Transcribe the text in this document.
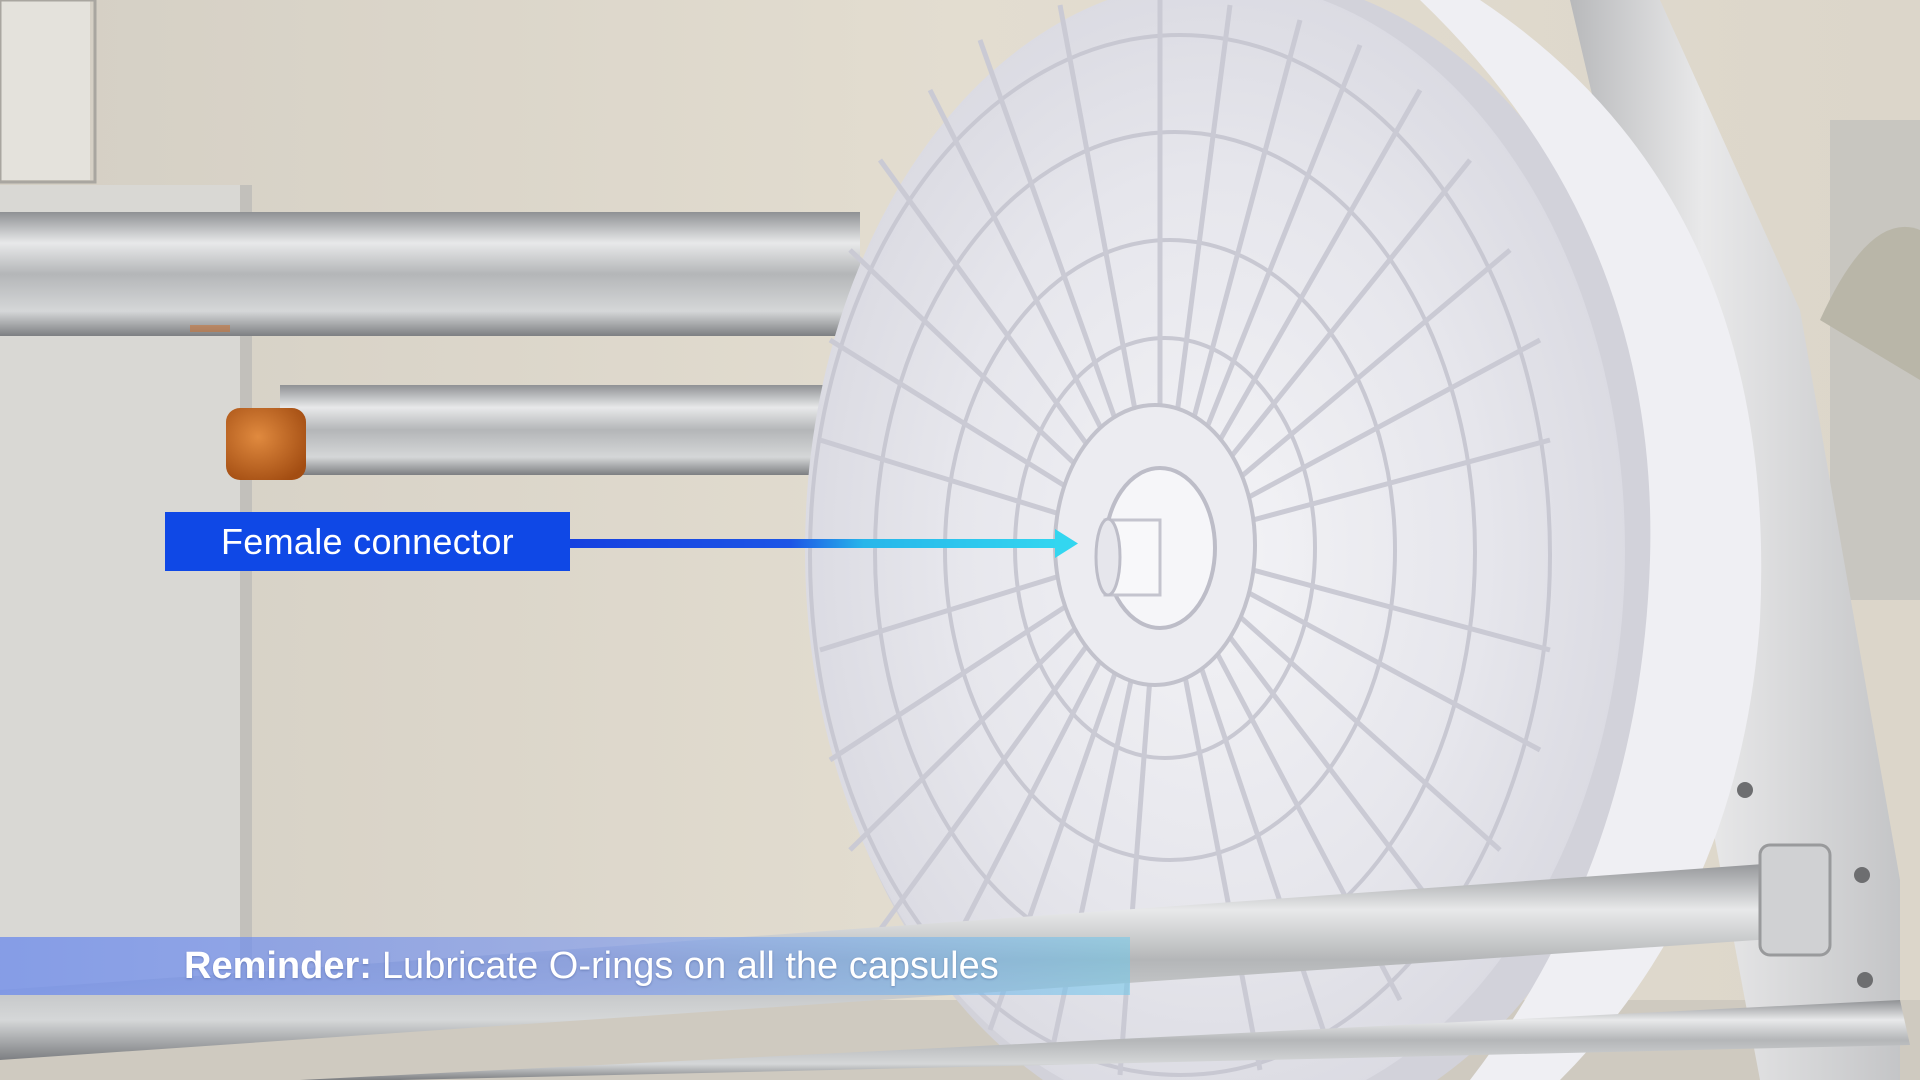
Female connector
Reminder: Lubricate O-rings on all the capsules
